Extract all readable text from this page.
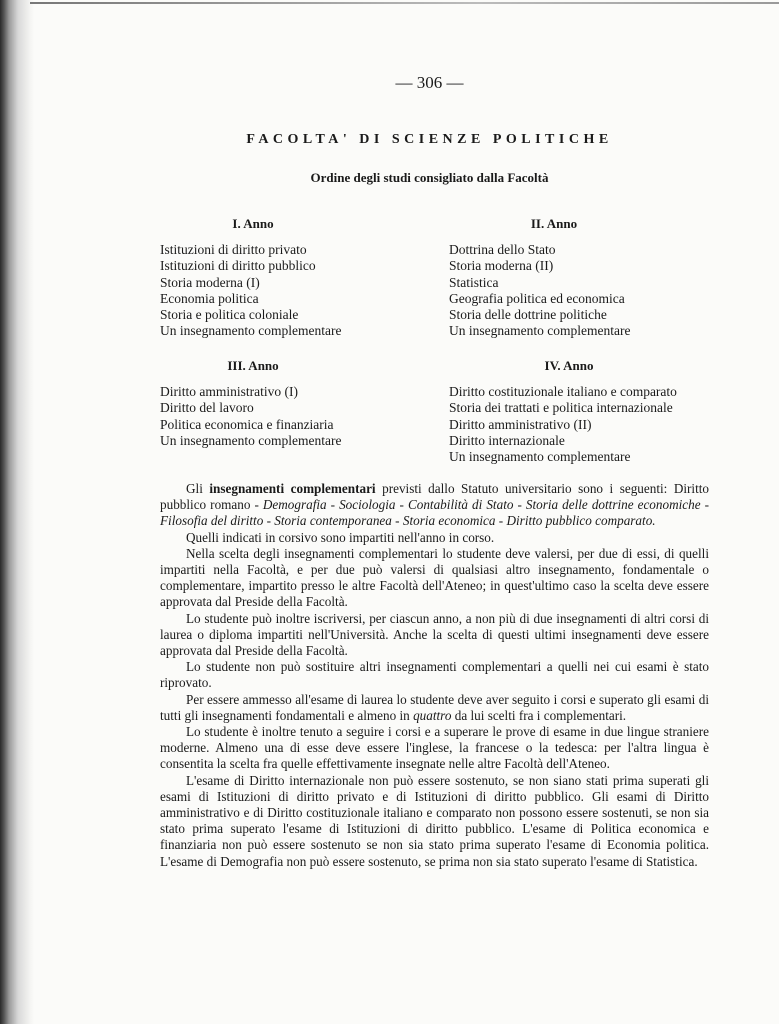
— 306 —
FACOLTA' DI SCIENZE POLITICHE
Ordine degli studi consigliato dalla Facoltà
I. Anno
Istituzioni di diritto privato
Istituzioni di diritto pubblico
Storia moderna (I)
Economia politica
Storia e politica coloniale
Un insegnamento complementare
II. Anno
Dottrina dello Stato
Storia moderna (II)
Statistica
Geografia politica ed economica
Storia delle dottrine politiche
Un insegnamento complementare
III. Anno
Diritto amministrativo (I)
Diritto del lavoro
Politica economica e finanziaria
Un insegnamento complementare
IV. Anno
Diritto costituzionale italiano e comparato
Storia dei trattati e politica internazionale
Diritto amministrativo (II)
Diritto internazionale
Un insegnamento complementare

Gli insegnamenti complementari previsti dallo Statuto universitario sono i seguenti: Diritto pubblico romano - Demografia - Sociologia - Contabilità di Stato - Storia delle dottrine economiche - Filosofia del diritto - Storia contemporanea - Storia economica - Diritto pubblico comparato.

Quelli indicati in corsivo sono impartiti nell'anno in corso.

Nella scelta degli insegnamenti complementari lo studente deve valersi, per due di essi, di quelli impartiti nella Facoltà, e per due può valersi di qualsiasi altro insegnamento, fondamentale o complementare, impartito presso le altre Facoltà dell'Ateneo; in quest'ultimo caso la scelta deve essere approvata dal Preside della Facoltà.

Lo studente può inoltre iscriversi, per ciascun anno, a non più di due insegnamenti di altri corsi di laurea o diploma impartiti nell'Università. Anche la scelta di questi ultimi insegnamenti deve essere approvata dal Preside della Facoltà.

Lo studente non può sostituire altri insegnamenti complementari a quelli nei cui esami è stato riprovato.

Per essere ammesso all'esame di laurea lo studente deve aver seguito i corsi e superato gli esami di tutti gli insegnamenti fondamentali e almeno in quattro da lui scelti fra i complementari.

Lo studente è inoltre tenuto a seguire i corsi e a superare le prove di esame in due lingue straniere moderne. Almeno una di esse deve essere l'inglese, la francese o la tedesca: per l'altra lingua è consentita la scelta fra quelle effettivamente insegnate nelle altre Facoltà dell'Ateneo.

L'esame di Diritto internazionale non può essere sostenuto, se non siano stati prima superati gli esami di Istituzioni di diritto privato e di Istituzioni di diritto pubblico. Gli esami di Diritto amministrativo e di Diritto costituzionale italiano e comparato non possono essere sostenuti, se non sia stato prima superato l'esame di Istituzioni di diritto pubblico. L'esame di Politica economica e finanziaria non può essere sostenuto se non sia stato prima superato l'esame di Economia politica. L'esame di Demografia non può essere sostenuto, se prima non sia stato superato l'esame di Statistica.
